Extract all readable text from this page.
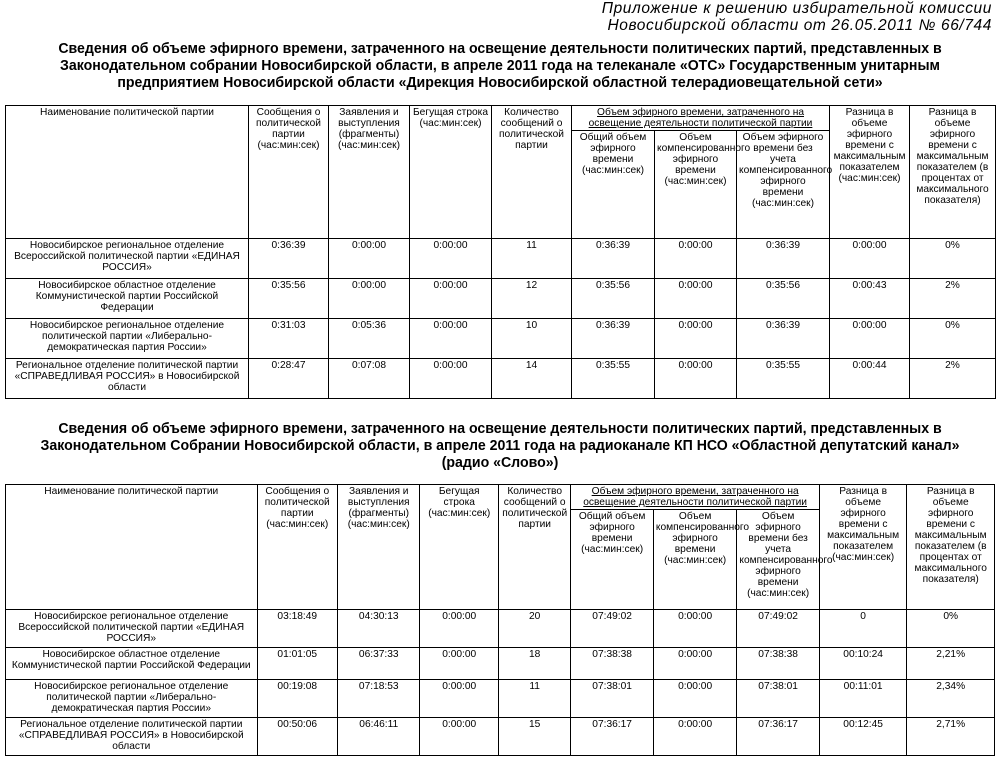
Приложение к решению избирательной комиссии
Новосибирской области от 26.05.2011 № 66/744
Сведения об объеме эфирного времени, затраченного на освещение деятельности политических партий, представленных в Законодательном собрании Новосибирской области, в апреле 2011 года на телеканале «ОТС» Государственным унитарным предприятием Новосибирской области «Дирекция Новосибирской областной телерадиовещательной сети»
Наименование политической партии	Сообщения о политической партии (час:мин:сек)	Заявления и выступления (фрагменты) (час:мин:сек)	Бегущая строка (час:мин:сек)	Количество сообщений о политической партии	Объем эфирного времени, затраченного на освещение деятельности политической партии			Разница в объеме эфирного времени с максимальным показателем (час:мин:сек)	Разница в объеме эфирного времени с максимальным показателем (в процентах от максимального показателя)
					Общий объем эфирного времени (час:мин:сек)	Объем компенсированного эфирного времени (час:мин:сек)	Объем эфирного времени без учета компенсированного эфирного времени (час:мин:сек)		
Новосибирское региональное отделение Всероссийской политической партии «ЕДИНАЯ РОССИЯ»	0:36:39	0:00:00	0:00:00	11	0:36:39	0:00:00	0:36:39	0:00:00	0%
Новосибирское областное отделение Коммунистической партии Российской Федерации	0:35:56	0:00:00	0:00:00	12	0:35:56	0:00:00	0:35:56	0:00:43	2%
Новосибирское региональное отделение политической партии «Либерально-демократическая партия России»	0:31:03	0:05:36	0:00:00	10	0:36:39	0:00:00	0:36:39	0:00:00	0%
Региональное отделение политической партии «СПРАВЕДЛИВАЯ РОССИЯ» в Новосибирской области	0:28:47	0:07:08	0:00:00	14	0:35:55	0:00:00	0:35:55	0:00:44	2%
Сведения об объеме эфирного времени, затраченного на освещение деятельности политических партий, представленных в Законодательном Собрании Новосибирской области, в апреле 2011 года на радиоканале КП НСО «Областной депутатский канал» (радио «Слово»)
Наименование политической партии	Сообщения о политической партии (час:мин:сек)	Заявления и выступления (фрагменты) (час:мин:сек)	Бегущая строка (час:мин:сек)	Количество сообщений о политической партии	Объем эфирного времени, затраченного на освещение деятельности политической партии			Разница в объеме эфирного времени с максимальным показателем (час:мин:сек)	Разница в объеме эфирного времени с максимальным показателем (в процентах от максимального показателя)
					Общий объем эфирного времени (час:мин:сек)	Объем компенсированного эфирного времени (час:мин:сек)	Объем эфирного времени без учета компенсированного эфирного времени (час:мин:сек)		
Новосибирское региональное отделение Всероссийской политической партии «ЕДИНАЯ РОССИЯ»	03:18:49	04:30:13	0:00:00	20	07:49:02	0:00:00	07:49:02	0	0%
Новосибирское областное отделение Коммунистической партии Российской Федерации	01:01:05	06:37:33	0:00:00	18	07:38:38	0:00:00	07:38:38	00:10:24	2,21%
Новосибирское региональное отделение политической партии «Либерально-демократическая партия России»	00:19:08	07:18:53	0:00:00	11	07:38:01	0:00:00	07:38:01	00:11:01	2,34%
Региональное отделение политической партии «СПРАВЕДЛИВАЯ РОССИЯ» в Новосибирской области	00:50:06	06:46:11	0:00:00	15	07:36:17	0:00:00	07:36:17	00:12:45	2,71%
